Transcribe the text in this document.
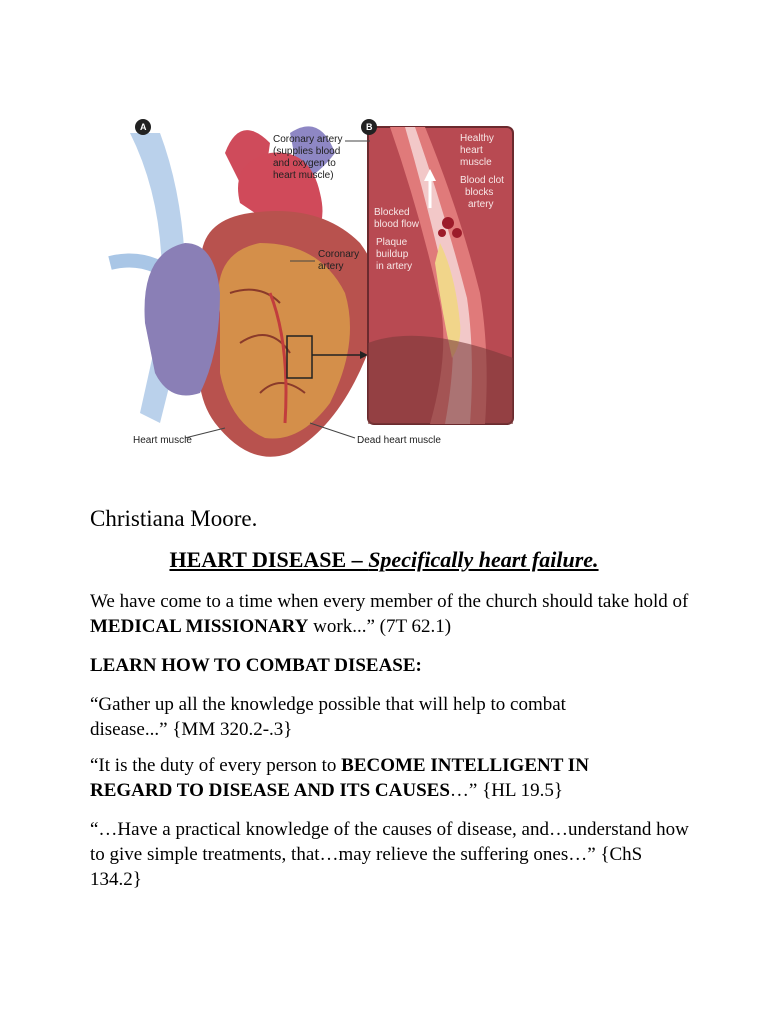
A	B
Coronary artery (supplies blood and oxygen to heart muscle)
Coronary artery
Heart muscle	Dead heart muscle
Healthy heart muscle
Blood clot blocks artery
Blocked blood flow
Plaque buildup in artery
Christiana Moore.
HEART DISEASE – Specifically heart failure.
We have come to a time when every member of the church should take hold of MEDICAL MISSIONARY work...” (7T 62.1)
LEARN HOW TO COMBAT DISEASE:
“Gather up all the knowledge possible that will help to combat disease...” {MM 320.2-.3}
“It is the duty of every person to BECOME INTELLIGENT IN REGARD TO DISEASE AND ITS CAUSES…” {HL 19.5}
“…Have a practical knowledge of the causes of disease, and…understand how to give simple treatments, that…may relieve the suffering ones…” {ChS 134.2}
